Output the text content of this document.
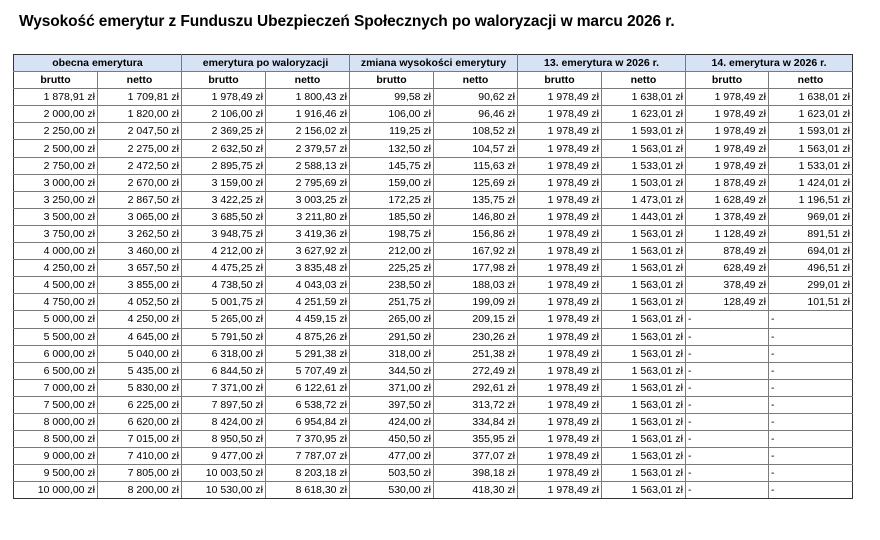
Wysokość emerytur z Funduszu Ubezpieczeń Społecznych po waloryzacji w marcu 2026 r.
obecna emerytura		emerytura po waloryzacji		zmiana wysokości emerytury		13. emerytura w 2026 r.		14. emerytura w 2026 r.	
brutto	netto	brutto	netto	brutto	netto	brutto	netto	brutto	netto
1 878,91 zł	1 709,81 zł	1 978,49 zł	1 800,43 zł	99,58 zł	90,62 zł	1 978,49 zł	1 638,01 zł	1 978,49 zł	1 638,01 zł
2 000,00 zł	1 820,00 zł	2 106,00 zł	1 916,46 zł	106,00 zł	96,46 zł	1 978,49 zł	1 623,01 zł	1 978,49 zł	1 623,01 zł
2 250,00 zł	2 047,50 zł	2 369,25 zł	2 156,02 zł	119,25 zł	108,52 zł	1 978,49 zł	1 593,01 zł	1 978,49 zł	1 593,01 zł
2 500,00 zł	2 275,00 zł	2 632,50 zł	2 379,57 zł	132,50 zł	104,57 zł	1 978,49 zł	1 563,01 zł	1 978,49 zł	1 563,01 zł
2 750,00 zł	2 472,50 zł	2 895,75 zł	2 588,13 zł	145,75 zł	115,63 zł	1 978,49 zł	1 533,01 zł	1 978,49 zł	1 533,01 zł
3 000,00 zł	2 670,00 zł	3 159,00 zł	2 795,69 zł	159,00 zł	125,69 zł	1 978,49 zł	1 503,01 zł	1 878,49 zł	1 424,01 zł
3 250,00 zł	2 867,50 zł	3 422,25 zł	3 003,25 zł	172,25 zł	135,75 zł	1 978,49 zł	1 473,01 zł	1 628,49 zł	1 196,51 zł
3 500,00 zł	3 065,00 zł	3 685,50 zł	3 211,80 zł	185,50 zł	146,80 zł	1 978,49 zł	1 443,01 zł	1 378,49 zł	969,01 zł
3 750,00 zł	3 262,50 zł	3 948,75 zł	3 419,36 zł	198,75 zł	156,86 zł	1 978,49 zł	1 563,01 zł	1 128,49 zł	891,51 zł
4 000,00 zł	3 460,00 zł	4 212,00 zł	3 627,92 zł	212,00 zł	167,92 zł	1 978,49 zł	1 563,01 zł	878,49 zł	694,01 zł
4 250,00 zł	3 657,50 zł	4 475,25 zł	3 835,48 zł	225,25 zł	177,98 zł	1 978,49 zł	1 563,01 zł	628,49 zł	496,51 zł
4 500,00 zł	3 855,00 zł	4 738,50 zł	4 043,03 zł	238,50 zł	188,03 zł	1 978,49 zł	1 563,01 zł	378,49 zł	299,01 zł
4 750,00 zł	4 052,50 zł	5 001,75 zł	4 251,59 zł	251,75 zł	199,09 zł	1 978,49 zł	1 563,01 zł	128,49 zł	101,51 zł
5 000,00 zł	4 250,00 zł	5 265,00 zł	4 459,15 zł	265,00 zł	209,15 zł	1 978,49 zł	1 563,01 zł	-	-
5 500,00 zł	4 645,00 zł	5 791,50 zł	4 875,26 zł	291,50 zł	230,26 zł	1 978,49 zł	1 563,01 zł	-	-
6 000,00 zł	5 040,00 zł	6 318,00 zł	5 291,38 zł	318,00 zł	251,38 zł	1 978,49 zł	1 563,01 zł	-	-
6 500,00 zł	5 435,00 zł	6 844,50 zł	5 707,49 zł	344,50 zł	272,49 zł	1 978,49 zł	1 563,01 zł	-	-
7 000,00 zł	5 830,00 zł	7 371,00 zł	6 122,61 zł	371,00 zł	292,61 zł	1 978,49 zł	1 563,01 zł	-	-
7 500,00 zł	6 225,00 zł	7 897,50 zł	6 538,72 zł	397,50 zł	313,72 zł	1 978,49 zł	1 563,01 zł	-	-
8 000,00 zł	6 620,00 zł	8 424,00 zł	6 954,84 zł	424,00 zł	334,84 zł	1 978,49 zł	1 563,01 zł	-	-
8 500,00 zł	7 015,00 zł	8 950,50 zł	7 370,95 zł	450,50 zł	355,95 zł	1 978,49 zł	1 563,01 zł	-	-
9 000,00 zł	7 410,00 zł	9 477,00 zł	7 787,07 zł	477,00 zł	377,07 zł	1 978,49 zł	1 563,01 zł	-	-
9 500,00 zł	7 805,00 zł	10 003,50 zł	8 203,18 zł	503,50 zł	398,18 zł	1 978,49 zł	1 563,01 zł	-	-
10 000,00 zł	8 200,00 zł	10 530,00 zł	8 618,30 zł	530,00 zł	418,30 zł	1 978,49 zł	1 563,01 zł	-	-
